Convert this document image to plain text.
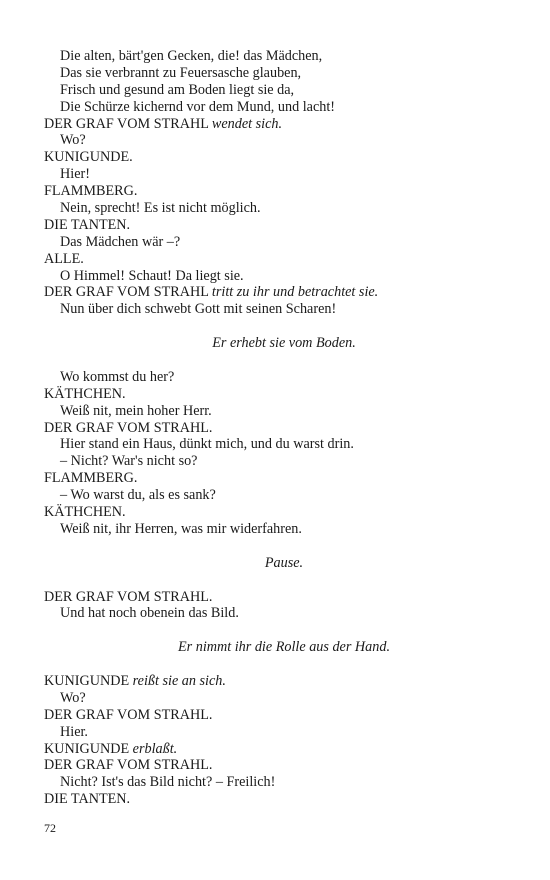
Die alten, bärt'gen Gecken, die! das Mädchen,
Das sie verbrannt zu Feuersasche glauben,
Frisch und gesund am Boden liegt sie da,
Die Schürze kichernd vor dem Mund, und lacht!
DER GRAF VOM STRAHL wendet sich.
Wo?
KUNIGUNDE.
Hier!
FLAMMBERG.
Nein, sprecht! Es ist nicht möglich.
DIE TANTEN.
Das Mädchen wär –?
ALLE.
O Himmel! Schaut! Da liegt sie.
DER GRAF VOM STRAHL tritt zu ihr und betrachtet sie.
Nun über dich schwebt Gott mit seinen Scharen!
Er erhebt sie vom Boden.
Wo kommst du her?
KÄTHCHEN.
Weiß nit, mein hoher Herr.
DER GRAF VOM STRAHL.
Hier stand ein Haus, dünkt mich, und du warst drin.
– Nicht? War's nicht so?
FLAMMBERG.
– Wo warst du, als es sank?
KÄTHCHEN.
Weiß nit, ihr Herren, was mir widerfahren.
Pause.
DER GRAF VOM STRAHL.
Und hat noch obenein das Bild.
Er nimmt ihr die Rolle aus der Hand.
KUNIGUNDE reißt sie an sich.
Wo?
DER GRAF VOM STRAHL.
Hier.
KUNIGUNDE erblaßt.
DER GRAF VOM STRAHL.
Nicht? Ist's das Bild nicht? – Freilich!
DIE TANTEN.
72
